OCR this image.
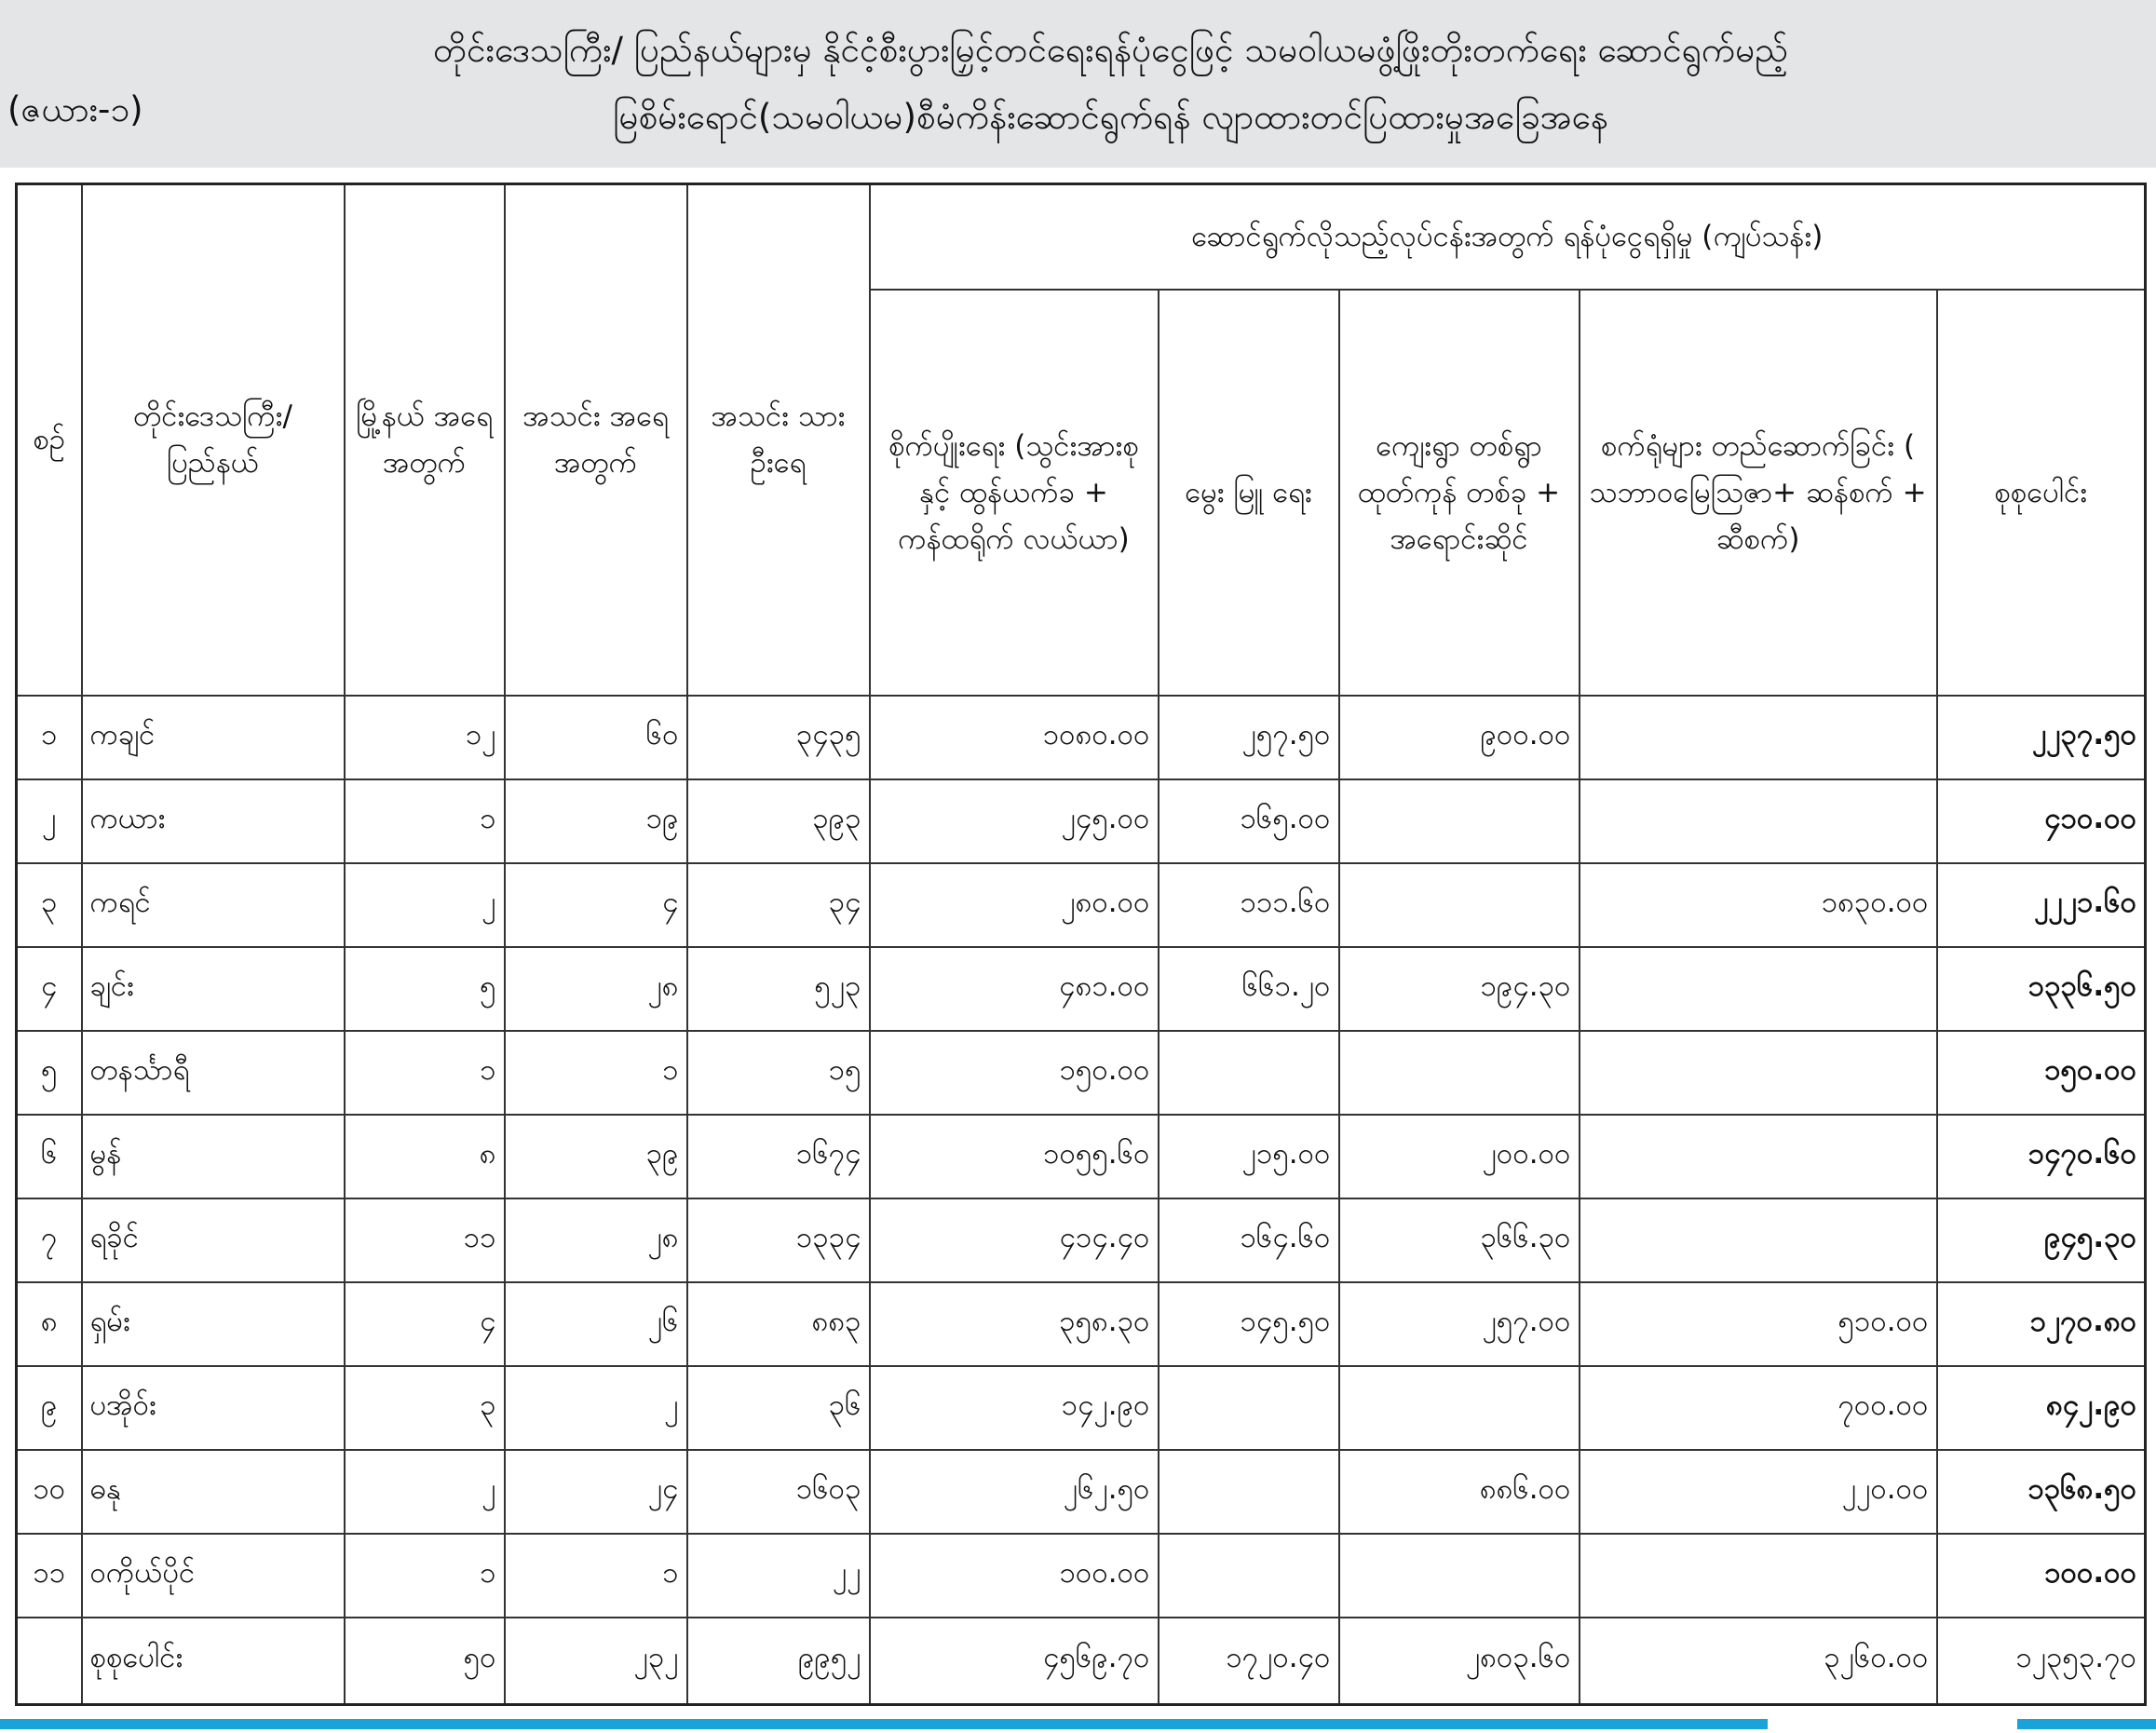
တိုင်းဒေသကြီး/ ပြည်နယ်များမှ နိုင်ငံ့စီးပွားမြှင့်တင်ရေးရန်ပုံငွေဖြင့် သမဝါယမဖွံ့ဖြိုးတိုးတက်ရေး ဆောင်ရွက်မည့်
(ဇယား-၁)	မြစိမ်းရောင်(သမဝါယမ)စီမံကိန်းဆောင်ရွက်ရန် လျာထားတင်ပြထားမှုအခြေအနေ
စဉ်	တိုင်းဒေသကြီး/ ပြည်နယ်	မြို့နယ် အရေ အတွက်	အသင်း အရေ အတွက်	အသင်း သား ဦးရေ	ဆောင်ရွက်လိုသည့်လုပ်ငန်းအတွက် ရန်ပုံငွေရရှိမှု (ကျပ်သန်း)				
					စိုက်ပျိုးရေး (သွင်းအားစုနှင့် ထွန်ယက်ခ + ကန်ထရိုက် လယ်ယာ)	မွေး မြူ ရေး	ကျေးရွာ တစ်ရွာ ထုတ်ကုန် တစ်ခု + အရောင်းဆိုင်	စက်ရုံများ တည်ဆောက်ခြင်း ( သဘာဝမြေဩဇာ+ ဆန်စက် + ဆီစက်)	စုစုပေါင်း
၁	ကချင်	၁၂	၆၀	၃၄၃၅	၁၀၈၀.၀၀	၂၅၇.၅၀	၉၀၀.၀၀		၂၂၃၇.၅၀
၂	ကယား	၁	၁၉	၃၉၃	၂၄၅.၀၀	၁၆၅.၀၀			၄၁၀.၀၀
၃	ကရင်	၂	၄	၃၄	၂၈၀.၀၀	၁၁၁.၆၀		၁၈၃၀.၀၀	၂၂၂၁.၆၀
၄	ချင်း	၅	၂၈	၅၂၃	၄၈၁.၀၀	၆၆၁.၂၀	၁၉၄.၃၀		၁၃၃၆.၅၀
၅	တနင်္သာရီ	၁	၁	၁၅	၁၅၀.၀၀				၁၅၀.၀၀
၆	မွန်	၈	၃၉	၁၆၇၄	၁၀၅၅.၆၀	၂၁၅.၀၀	၂၀၀.၀၀		၁၄၇၀.၆၀
၇	ရခိုင်	၁၁	၂၈	၁၃၃၄	၄၁၄.၄၀	၁၆၄.၆၀	၃၆၆.၃၀		၉၄၅.၃၀
၈	ရှမ်း	၄	၂၆	၈၈၃	၃၅၈.၃၀	၁၄၅.၅၀	၂၅၇.၀၀	၅၁၀.၀၀	၁၂၇၀.၈၀
၉	ပအိုဝ်း	၃	၂	၃၆	၁၄၂.၉၀			၇၀၀.၀၀	၈၄၂.၉၀
၁၀	ဓနု	၂	၂၄	၁၆၀၃	၂၆၂.၅၀		၈၈၆.၀၀	၂၂၀.၀၀	၁၃၆၈.၅၀
၁၁	ဝကိုယ်ပိုင်	၁	၁	၂၂	၁၀၀.၀၀				၁၀၀.၀၀
	စုစုပေါင်း	၅၀	၂၃၂	၉၉၅၂	၄၅၆၉.၇၀	၁၇၂၀.၄၀	၂၈၀၃.၆၀	၃၂၆၀.၀၀	၁၂၃၅၃.၇၀
